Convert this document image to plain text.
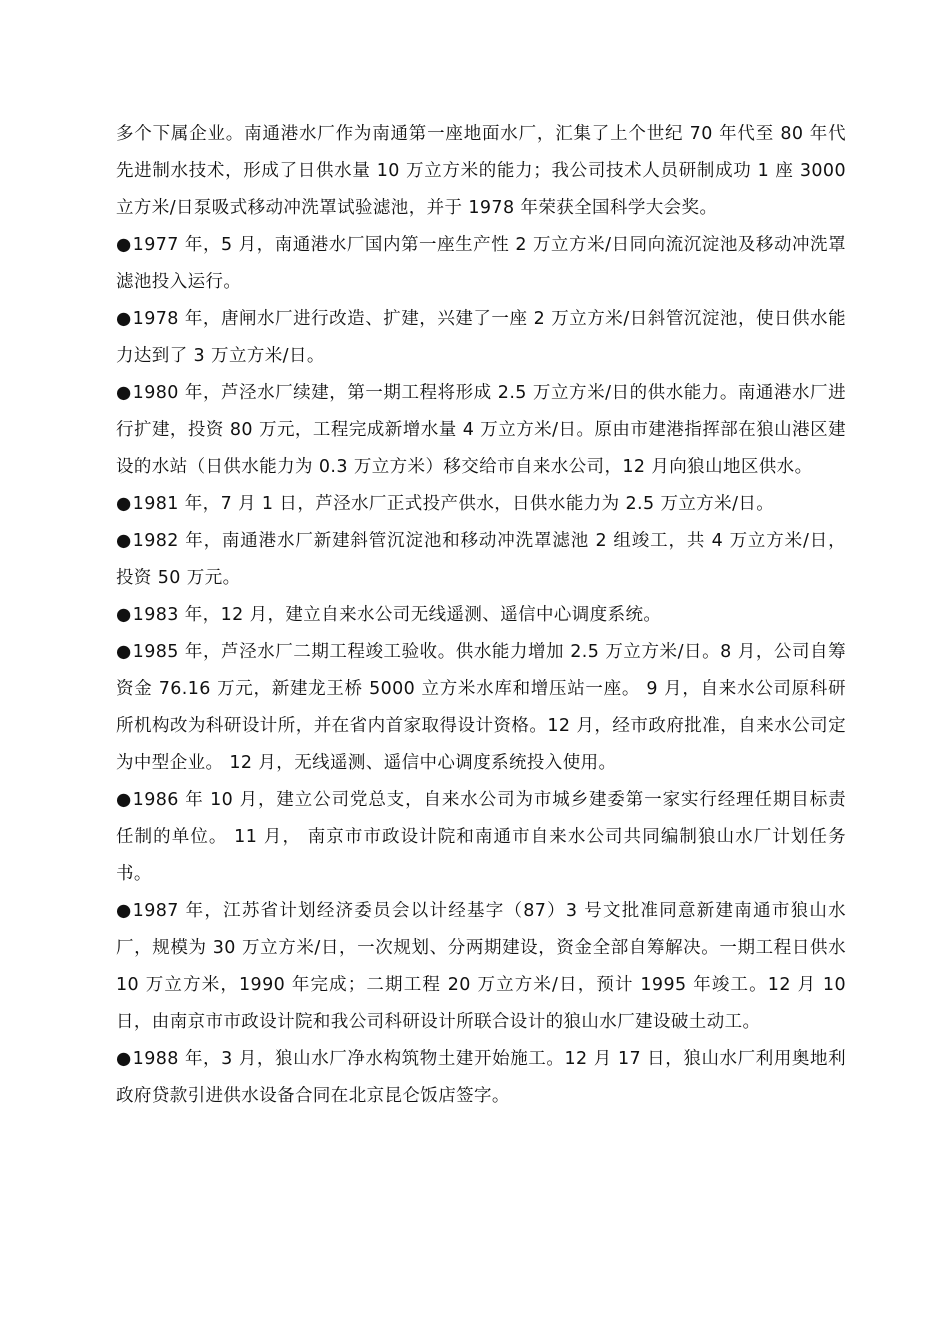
多个下属企业。南通港水厂作为南通第一座地面水厂，汇集了上个世纪 70 年代至 80 年代先进制水技术，形成了日供水量 10 万立方米的能力；我公司技术人员研制成功 1 座 3000 立方米/日泵吸式移动冲洗罩试验滤池，并于 1978 年荣获全国科学大会奖。

●1977 年，5 月，南通港水厂国内第一座生产性 2 万立方米/日同向流沉淀池及移动冲洗罩滤池投入运行。

●1978 年，唐闸水厂进行改造、扩建，兴建了一座 2 万立方米/日斜管沉淀池，使日供水能力达到了 3 万立方米/日。

●1980 年，芦泾水厂续建，第一期工程将形成 2.5 万立方米/日的供水能力。南通港水厂进行扩建，投资 80 万元，工程完成新增水量 4 万立方米/日。原由市建港指挥部在狼山港区建设的水站（日供水能力为 0.3 万立方米）移交给市自来水公司，12 月向狼山地区供水。

●1981 年，7 月 1 日，芦泾水厂正式投产供水，日供水能力为 2.5 万立方米/日。

●1982 年，南通港水厂新建斜管沉淀池和移动冲洗罩滤池 2 组竣工，共 4 万立方米/日，投资 50 万元。

●1983 年，12 月，建立自来水公司无线遥测、遥信中心调度系统。

●1985 年，芦泾水厂二期工程竣工验收。供水能力增加 2.5 万立方米/日。8 月，公司自筹资金 76.16 万元，新建龙王桥 5000 立方米水库和增压站一座。 9 月，自来水公司原科研所机构改为科研设计所，并在省内首家取得设计资格。12 月，经市政府批准，自来水公司定为中型企业。 12 月，无线遥测、遥信中心调度系统投入使用。

●1986 年 10 月，建立公司党总支，自来水公司为市城乡建委第一家实行经理任期目标责任制的单位。 11 月， 南京市市政设计院和南通市自来水公司共同编制狼山水厂计划任务书。

●1987 年，江苏省计划经济委员会以计经基字（87）3 号文批准同意新建南通市狼山水厂，规模为 30 万立方米/日，一次规划、分两期建设，资金全部自筹解决。一期工程日供水 10 万立方米，1990 年完成；二期工程 20 万立方米/日，预计 1995 年竣工。12 月 10 日，由南京市市政设计院和我公司科研设计所联合设计的狼山水厂建设破土动工。

●1988 年，3 月，狼山水厂净水构筑物土建开始施工。12 月 17 日，狼山水厂利用奥地利政府贷款引进供水设备合同在北京昆仑饭店签字。
